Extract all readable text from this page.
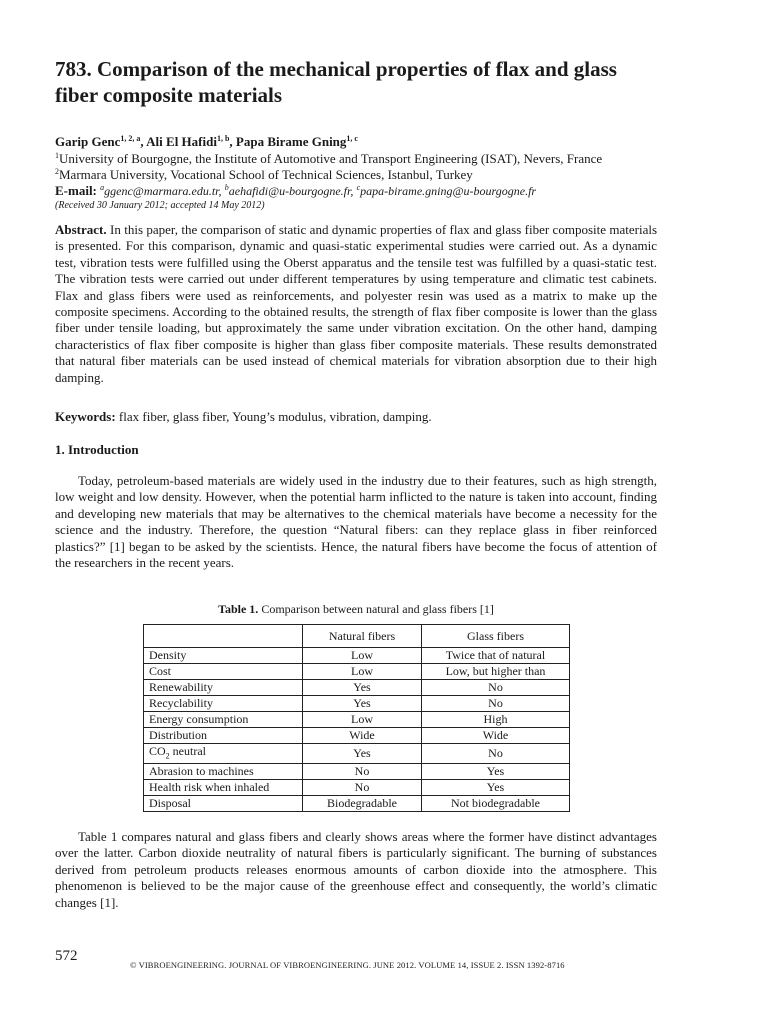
783. Comparison of the mechanical properties of flax and glass fiber composite materials
Garip Genc$^{1, 2, a}$, Ali El Hafidi$^{1, b}$, Papa Birame Gning$^{1, c}$
$^1$University of Bourgogne, the Institute of Automotive and Transport Engineering (ISAT), Nevers, France
$^2$Marmara University, Vocational School of Technical Sciences, Istanbul, Turkey
E-mail: $^a$ggenc@marmara.edu.tr, $^b$aehafidi@u-bourgogne.fr, $^c$papa-birame.gning@u-bourgogne.fr
(Received 30 January 2012; accepted 14 May 2012)

Abstract. In this paper, the comparison of static and dynamic properties of flax and glass fiber composite materials is presented. For this comparison, dynamic and quasi-static experimental studies were carried out. As a dynamic test, vibration tests were fulfilled using the Oberst apparatus and the tensile test was fulfilled by a quasi-static test. The vibration tests were carried out under different temperatures by using temperature and climatic test cabinets. Flax and glass fibers were used as reinforcements, and polyester resin was used as a matrix to make up the composite specimens. According to the obtained results, the strength of flax fiber composite is lower than the glass fiber under tensile loading, but approximately the same under vibration excitation. On the other hand, damping characteristics of flax fiber composite is higher than glass fiber composite materials. These results demonstrated that natural fiber materials can be used instead of chemical materials for vibration absorption due to their high damping.

Keywords: flax fiber, glass fiber, Young’s modulus, vibration, damping.

1. Introduction

Today, petroleum-based materials are widely used in the industry due to their features, such as high strength, low weight and low density. However, when the potential harm inflicted to the nature is taken into account, finding and developing new materials that may be alternatives to the chemical materials have become a necessity for the science and the industry. Therefore, the question “Natural fibers: can they replace glass in fiber reinforced plastics?” [1] began to be asked by the scientists. Hence, the natural fibers have become the focus of attention of the researchers in the recent years.

Table 1. Comparison between natural and glass fibers [1]
	Natural fibers	Glass fibers
Density	Low	Twice that of natural
Cost	Low	Low, but higher than
Renewability	Yes	No
Recyclability	Yes	No
Energy consumption	Low	High
Distribution	Wide	Wide
$CO_2$ neutral	Yes	No
Abrasion to machines	No	Yes
Health risk when inhaled	No	Yes
Disposal	Biodegradable	Not biodegradable

Table 1 compares natural and glass fibers and clearly shows areas where the former have distinct advantages over the latter. Carbon dioxide neutrality of natural fibers is particularly significant. The burning of substances derived from petroleum products releases enormous amounts of carbon dioxide into the atmosphere. This phenomenon is believed to be the major cause of the greenhouse effect and consequently, the world’s climatic changes [1].

572
© VIBROENGINEERING. JOURNAL OF VIBROENGINEERING. JUNE 2012. VOLUME 14, ISSUE 2. ISSN 1392-8716
